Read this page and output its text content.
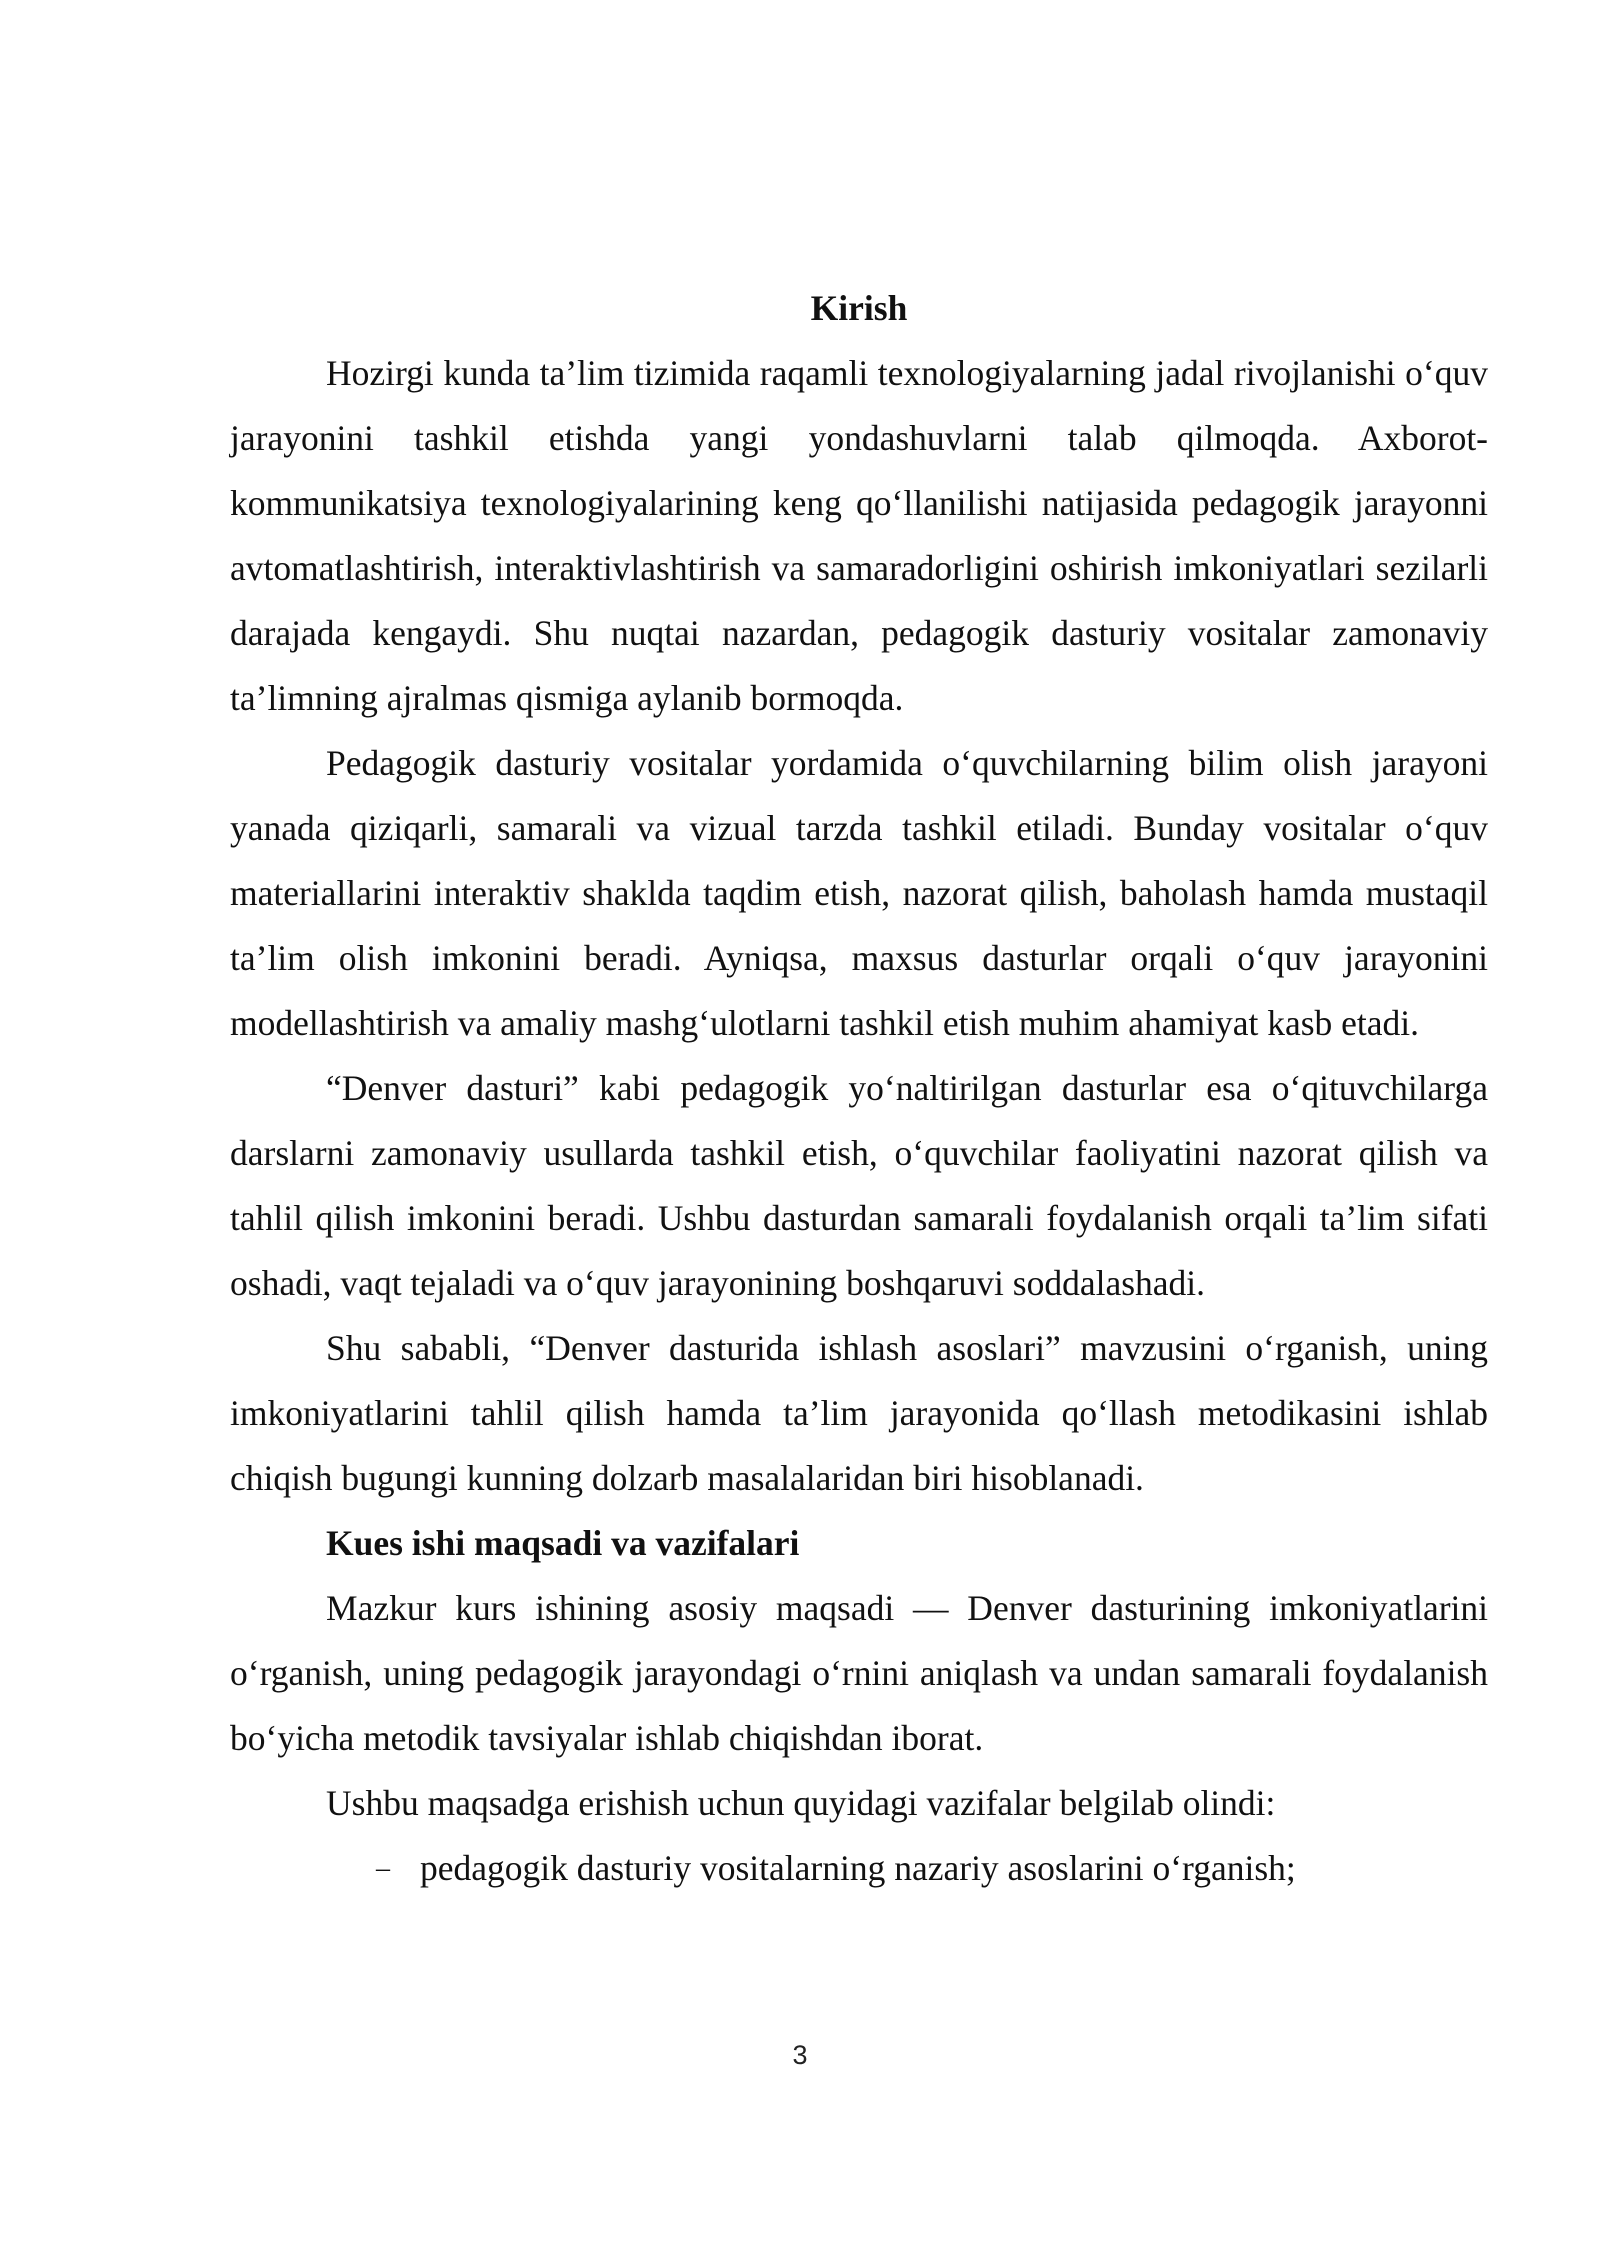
Kirish

Hozirgi kunda ta’lim tizimida raqamli texnologiyalarning jadal rivojlanishi o‘quv jarayonini tashkil etishda yangi yondashuvlarni talab qilmoqda. Axborot-kommunikatsiya texnologiyalarining keng qo‘llanilishi natijasida pedagogik jarayonni avtomatlashtirish, interaktivlashtirish va samaradorligini oshirish imkoniyatlari sezilarli darajada kengaydi. Shu nuqtai nazardan, pedagogik dasturiy vositalar zamonaviy ta’limning ajralmas qismiga aylanib bormoqda.

Pedagogik dasturiy vositalar yordamida o‘quvchilarning bilim olish jarayoni yanada qiziqarli, samarali va vizual tarzda tashkil etiladi. Bunday vositalar o‘quv materiallarini interaktiv shaklda taqdim etish, nazorat qilish, baholash hamda mustaqil ta’lim olish imkonini beradi. Ayniqsa, maxsus dasturlar orqali o‘quv jarayonini modellashtirish va amaliy mashg‘ulotlarni tashkil etish muhim ahamiyat kasb etadi.

“Denver dasturi” kabi pedagogik yo‘naltirilgan dasturlar esa o‘qituvchilarga darslarni zamonaviy usullarda tashkil etish, o‘quvchilar faoliyatini nazorat qilish va tahlil qilish imkonini beradi. Ushbu dasturdan samarali foydalanish orqali ta’lim sifati oshadi, vaqt tejaladi va o‘quv jarayonining boshqaruvi soddalashadi.

Shu sababli, “Denver dasturida ishlash asoslari” mavzusini o‘rganish, uning imkoniyatlarini tahlil qilish hamda ta’lim jarayonida qo‘llash metodikasini ishlab chiqish bugungi kunning dolzarb masalalaridan biri hisoblanadi.

Kues ishi maqsadi va vazifalari

Mazkur kurs ishining asosiy maqsadi — Denver dasturining imkoniyatlarini o‘rganish, uning pedagogik jarayondagi o‘rnini aniqlash va undan samarali foydalanish bo‘yicha metodik tavsiyalar ishlab chiqishdan iborat.

Ushbu maqsadga erishish uchun quyidagi vazifalar belgilab olindi:

– pedagogik dasturiy vositalarning nazariy asoslarini o‘rganish;

3
